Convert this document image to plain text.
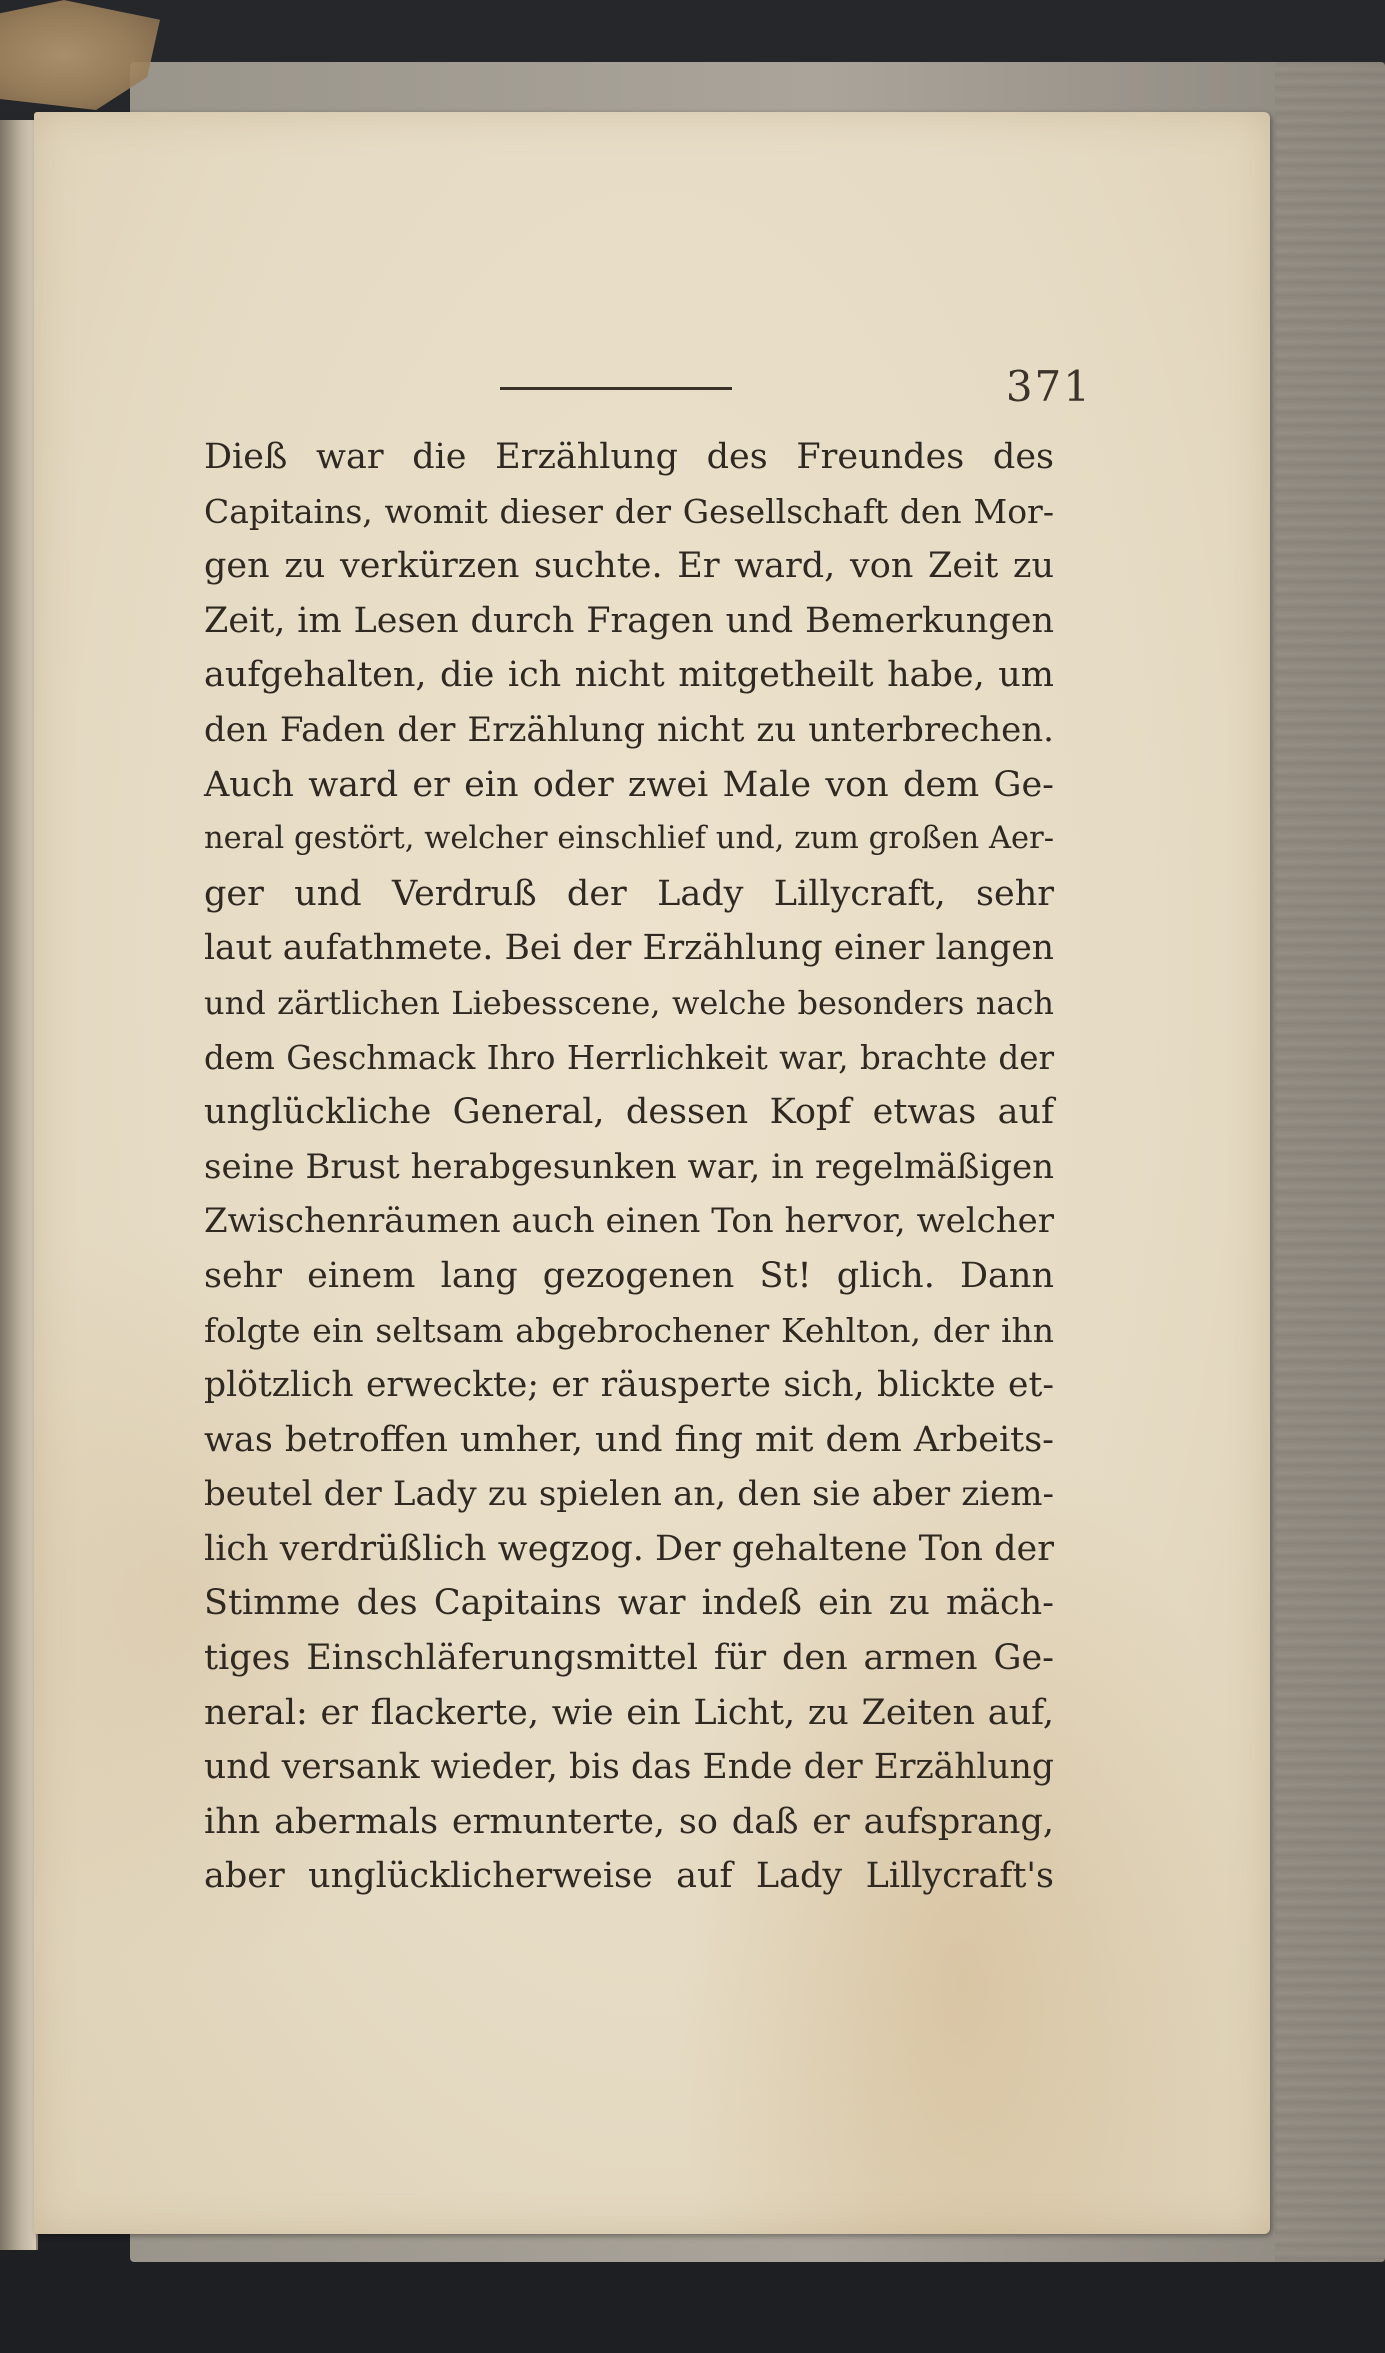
371
Dieß war die Erzählung des Freundes des
Capitains, womit dieser der Gesellschaft den Mor-
gen zu verkürzen suchte. Er ward, von Zeit zu
Zeit, im Lesen durch Fragen und Bemerkungen
aufgehalten, die ich nicht mitgetheilt habe, um
den Faden der Erzählung nicht zu unterbrechen.
Auch ward er ein oder zwei Male von dem Ge-
neral gestört, welcher einschlief und, zum großen Aer-
ger und Verdruß der Lady Lillycraft, sehr
laut aufathmete. Bei der Erzählung einer langen
und zärtlichen Liebesscene, welche besonders nach
dem Geschmack Ihro Herrlichkeit war, brachte der
unglückliche General, dessen Kopf etwas auf
seine Brust herabgesunken war, in regelmäßigen
Zwischenräumen auch einen Ton hervor, welcher
sehr einem lang gezogenen St! glich. Dann
folgte ein seltsam abgebrochener Kehlton, der ihn
plötzlich erweckte; er räusperte sich, blickte et-
was betroffen umher, und fing mit dem Arbeits-
beutel der Lady zu spielen an, den sie aber ziem-
lich verdrüßlich wegzog. Der gehaltene Ton der
Stimme des Capitains war indeß ein zu mäch-
tiges Einschläferungsmittel für den armen Ge-
neral: er flackerte, wie ein Licht, zu Zeiten auf,
und versank wieder, bis das Ende der Erzählung
ihn abermals ermunterte, so daß er aufsprang,
aber unglücklicherweise auf Lady Lillycraft's
